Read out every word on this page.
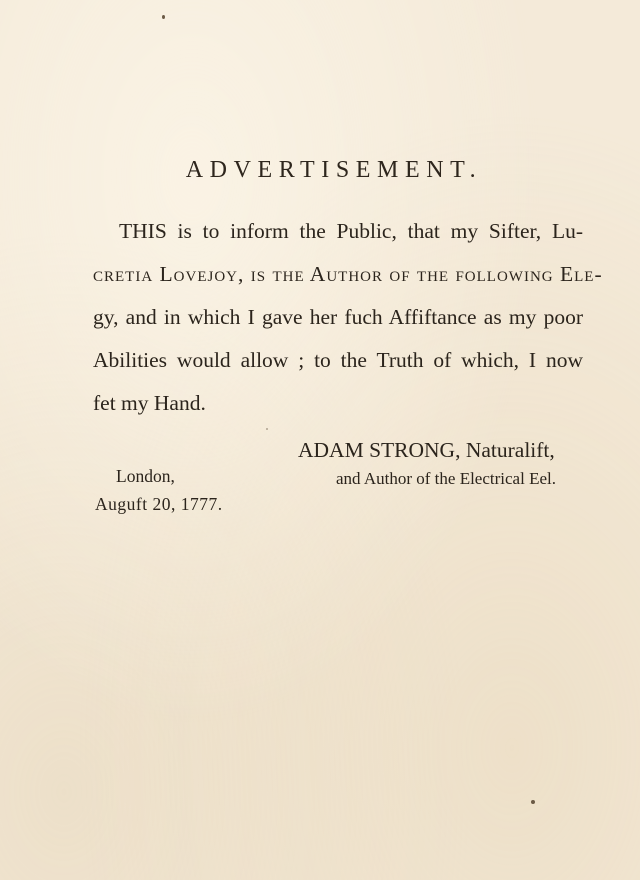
ADVERTISEMENT.
THIS is to inform the Public, that my Sifter, Lu-
cretia Lovejoy, is the Author of the following Ele-
gy, and in which I gave her fuch Affiftance as my poor
Abilities would allow ; to the Truth of which, I now
fet my Hand.
ADAM STRONG, Naturalift,
and Author of the Electrical Eel.
London,
Auguft 20, 1777.
